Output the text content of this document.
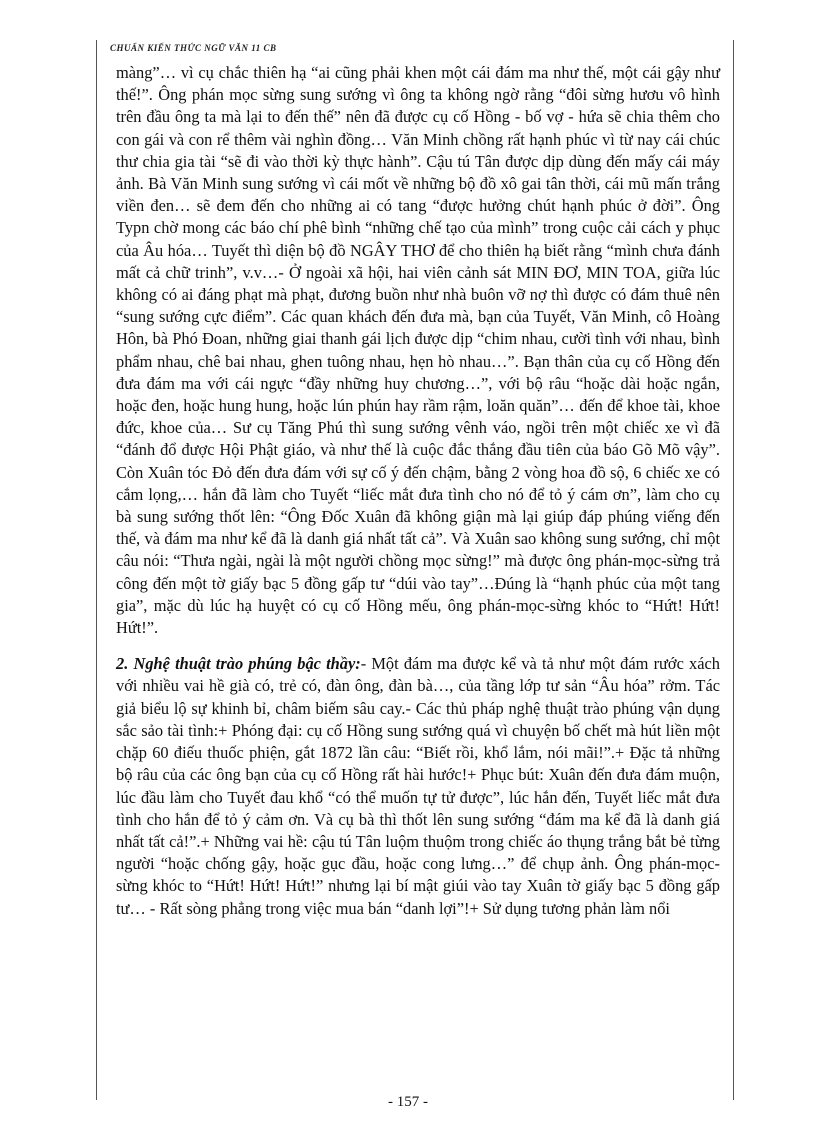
CHUẨN KIẾN THỨC NGỮ VĂN 11 CB

màng”… vì cụ chắc thiên hạ “ai cũng phải khen một cái đám ma như thế, một cái gậy như thế!”. Ông phán mọc sừng sung sướng vì ông ta không ngờ rằng “đôi sừng hươu vô hình trên đầu ông ta mà lại to đến thế” nên đã được cụ cố Hồng - bố vợ - hứa sẽ chia thêm cho con gái và con rể thêm vài nghìn đồng… Văn Minh chồng rất hạnh phúc vì từ nay cái chúc thư chia gia tài “sẽ đi vào thời kỳ thực hành”. Cậu tú Tân được dịp dùng đến mấy cái máy ảnh. Bà Văn Minh sung sướng vì cái mốt về những bộ đồ xô gai tân thời, cái mũ mấn trắng viền đen… sẽ đem đến cho những ai có tang “được hưởng chút hạnh phúc ở đời”. Ông Typn chờ mong các báo chí phê bình “những chế tạo của mình” trong cuộc cải cách y phục của Âu hóa… Tuyết thì diện bộ đồ NGÂY THƠ để cho thiên hạ biết rằng “mình chưa đánh mất cả chữ trinh”, v.v…- Ở ngoài xã hội, hai viên cảnh sát MIN ĐƠ, MIN TOA, giữa lúc không có ai đáng phạt mà phạt, đương buồn như nhà buôn vỡ nợ thì được có đám thuê nên “sung sướng cực điểm”. Các quan khách đến đưa mà, bạn của Tuyết, Văn Minh, cô Hoàng Hôn, bà Phó Đoan, những giai thanh gái lịch được dịp “chim nhau, cười tình với nhau, bình phẩm nhau, chê bai nhau, ghen tuông nhau, hẹn hò nhau…”. Bạn thân của cụ cố Hồng đến đưa đám ma với cái ngực “đầy những huy chương…”, với bộ râu “hoặc dài hoặc ngắn, hoặc đen, hoặc hung hung, hoặc lún phún hay rầm rậm, loăn quăn”… đến để khoe tài, khoe đức, khoe của… Sư cụ Tăng Phú thì sung sướng vênh váo, ngồi trên một chiếc xe vì đã “đánh đổ được Hội Phật giáo, và như thế là cuộc đắc thắng đầu tiên của báo Gõ Mõ vậy”. Còn Xuân tóc Đỏ đến đưa đám với sự cố ý đến chậm, bằng 2 vòng hoa đồ sộ, 6 chiếc xe có cắm lọng,… hắn đã làm cho Tuyết “liếc mắt đưa tình cho nó để tỏ ý cám ơn”, làm cho cụ bà sung sướng thốt lên: “Ông Đốc Xuân đã không giận mà lại giúp đáp phúng viếng đến thế, và đám ma như kể đã là danh giá nhất tất cả”. Và Xuân sao không sung sướng, chỉ một câu nói: “Thưa ngài, ngài là một người chồng mọc sừng!” mà được ông phán-mọc-sừng trả công đến một tờ giấy bạc 5 đồng gấp tư “dúi vào tay”…Đúng là “hạnh phúc của một tang gia”, mặc dù lúc hạ huyệt có cụ cố Hồng mếu, ông phán-mọc-sừng khóc to “Hứt! Hứt! Hứt!”.

2. Nghệ thuật trào phúng bậc thầy:- Một đám ma được kể và tả như một đám rước xách với nhiều vai hề già có, trẻ có, đàn ông, đàn bà…, của tầng lớp tư sản “Âu hóa” rởm. Tác giả biểu lộ sự khinh bỉ, châm biếm sâu cay.- Các thủ pháp nghệ thuật trào phúng vận dụng sắc sảo tài tình:+ Phóng đại: cụ cố Hồng sung sướng quá vì chuyện bố chết mà hút liền một chặp 60 điếu thuốc phiện, gắt 1872 lần câu: “Biết rồi, khổ lắm, nói mãi!”.+ Đặc tả những bộ râu của các ông bạn của cụ cố Hồng rất hài hước!+ Phục bút: Xuân đến đưa đám muộn, lúc đầu làm cho Tuyết đau khổ “có thể muốn tự tử được”, lúc hắn đến, Tuyết liếc mắt đưa tình cho hắn để tỏ ý cảm ơn. Và cụ bà thì thốt lên sung sướng “đám ma kể đã là danh giá nhất tất cả!”.+ Những vai hề: cậu tú Tân luộm thuộm trong chiếc áo thụng trắng bắt bẻ từng người “hoặc chống gậy, hoặc gục đầu, hoặc cong lưng…” để chụp ảnh. Ông phán-mọc-sừng khóc to “Hứt! Hứt! Hứt!” nhưng lại bí mật giúi vào tay Xuân tờ giấy bạc 5 đồng gấp tư… - Rất sòng phẳng trong việc mua bán “danh lợi”!+ Sử dụng tương phản làm nổi

- 157 -
